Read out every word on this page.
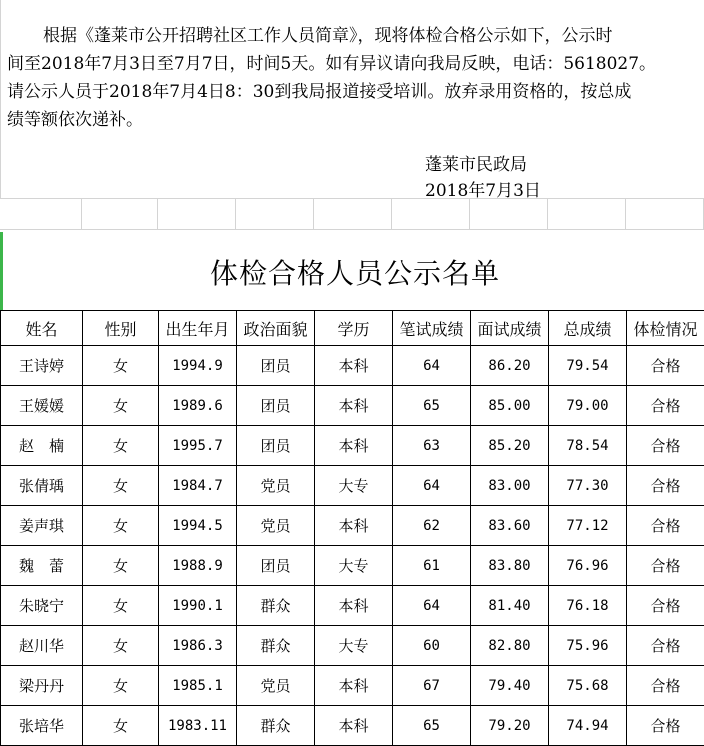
根据《蓬莱市公开招聘社区工作人员简章》，现将体检合格公示如下，公示时

间至2018年7月3日至7月7日，时间5天。如有异议请向我局反映，电话：5618027。

请公示人员于2018年7月4日8：30到我局报道接受培训。放弃录用资格的，按总成

绩等额依次递补。

蓬莱市民政局
2018年7月3日
体检合格人员公示名单
姓名	性别	出生年月	政治面貌	学历	笔试成绩	面试成绩	总成绩	体检情况
王诗婷	女	1994.9	团员	本科	64	86.20	79.54	合格
王媛媛	女	1989.6	团员	本科	65	85.00	79.00	合格
赵　楠	女	1995.7	团员	本科	63	85.20	78.54	合格
张倩瑀	女	1984.7	党员	大专	64	83.00	77.30	合格
姜声琪	女	1994.5	党员	本科	62	83.60	77.12	合格
魏　蕾	女	1988.9	团员	大专	61	83.80	76.96	合格
朱晓宁	女	1990.1	群众	本科	64	81.40	76.18	合格
赵川华	女	1986.3	群众	大专	60	82.80	75.96	合格
梁丹丹	女	1985.1	党员	本科	67	79.40	75.68	合格
张培华	女	1983.11	群众	本科	65	79.20	74.94	合格
